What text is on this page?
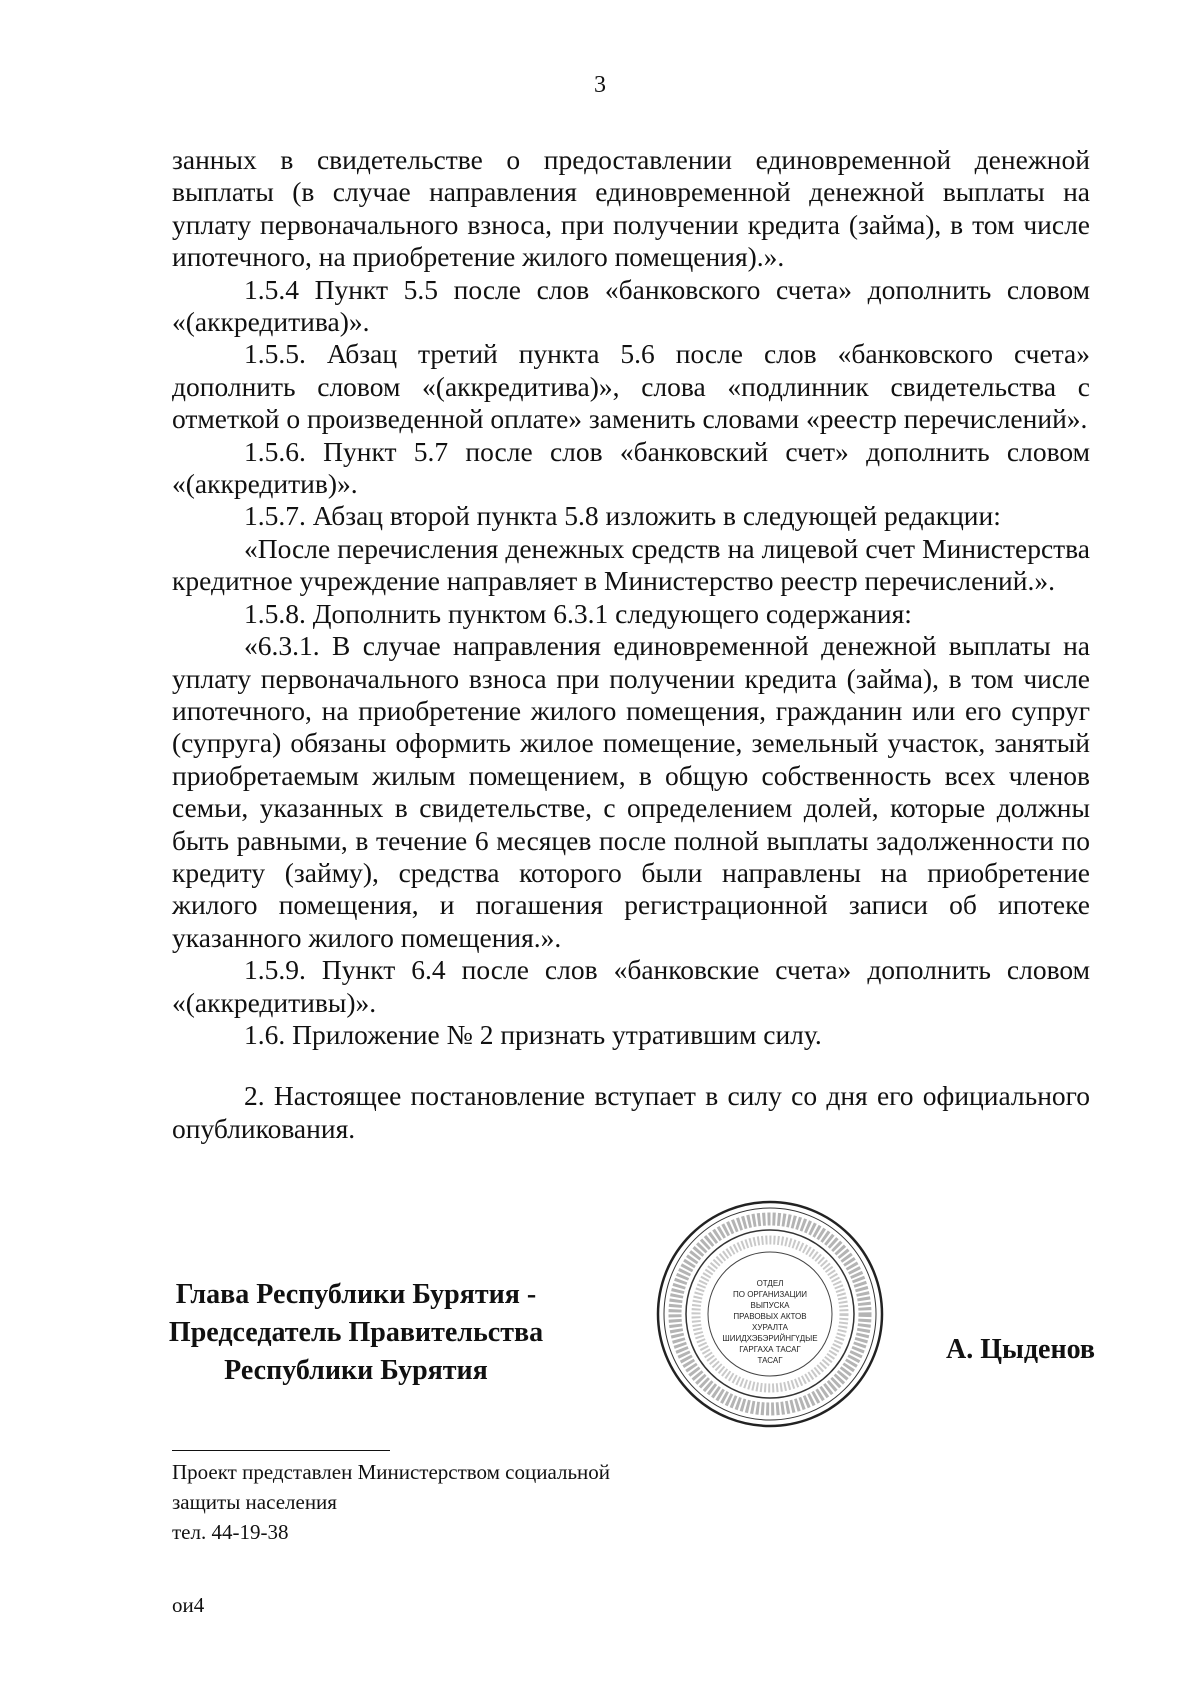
3

занных в свидетельстве о предоставлении единовременной денежной выплаты (в случае направления единовременной денежной выплаты на уплату первоначального взноса, при получении кредита (займа), в том числе ипотечного, на приобретение жилого помещения).».

1.5.4 Пункт 5.5 после слов «банковского счета» дополнить словом «(аккредитива)».

1.5.5. Абзац третий пункта 5.6 после слов «банковского счета» дополнить словом «(аккредитива)», слова «подлинник свидетельства с отметкой о произведенной оплате» заменить словами «реестр перечислений».

1.5.6. Пункт 5.7 после слов «банковский счет» дополнить словом «(аккредитив)».

1.5.7. Абзац второй пункта 5.8 изложить в следующей редакции:

«После перечисления денежных средств на лицевой счет Министерства кредитное учреждение направляет в Министерство реестр перечислений.».

1.5.8. Дополнить пунктом 6.3.1 следующего содержания:

«6.3.1. В случае направления единовременной денежной выплаты на уплату первоначального взноса при получении кредита (займа), в том числе ипотечного, на приобретение жилого помещения, гражданин или его супруг (супруга) обязаны оформить жилое помещение, земельный участок, занятый приобретаемым жилым помещением, в общую собственность всех членов семьи, указанных в свидетельстве, с определением долей, которые должны быть равными, в течение 6 месяцев после полной выплаты задолженности по кредиту (займу), средства которого были направлены на приобретение жилого помещения, и погашения регистрационной записи об ипотеке указанного жилого помещения.».

1.5.9. Пункт 6.4 после слов «банковские счета» дополнить словом «(аккредитивы)».

1.6. Приложение № 2 признать утратившим силу.

2. Настоящее постановление вступает в силу со дня его официального опубликования.

Глава Республики Бурятия -
Председатель Правительства
Республики Бурятия
ОТДЕЛ
ПО ОРГАНИЗАЦИИ
ВЫПУСКА
ПРАВОВЫХ АКТОВ
ХУРАЛТА
ШИИДХЭБЭРИЙНГҮДЫЕ
ГАРГАХА ТАСАГ
ТАСАГ	А. Цыденов
Проект представлен Министерством социальной
защиты населения
тел. 44-19-38
ои4
